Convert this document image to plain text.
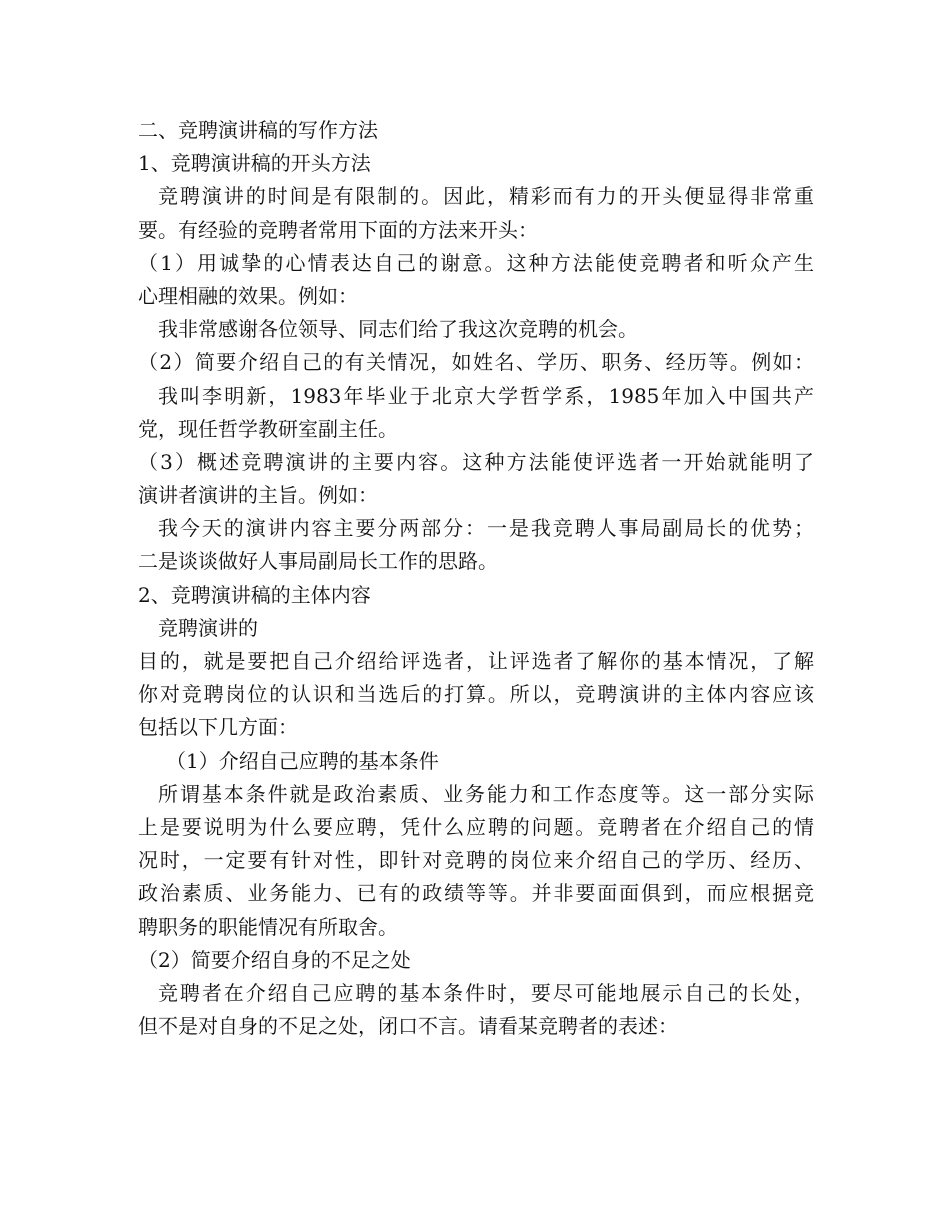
二、竞聘演讲稿的写作方法
1、竞聘演讲稿的开头方法
竞聘演讲的时间是有限制的。因此，精彩而有力的开头便显得非常重
要。有经验的竞聘者常用下面的方法来开头：
（1）用诚挚的心情表达自己的谢意。这种方法能使竞聘者和听众产生
心理相融的效果。例如：
我非常感谢各位领导、同志们给了我这次竞聘的机会。
（2）简要介绍自己的有关情况，如姓名、学历、职务、经历等。例如：
我叫李明新，1983年毕业于北京大学哲学系，1985年加入中国共产
党，现任哲学教研室副主任。
（3）概述竞聘演讲的主要内容。这种方法能使评选者一开始就能明了
演讲者演讲的主旨。例如：
我今天的演讲内容主要分两部分：一是我竞聘人事局副局长的优势；
二是谈谈做好人事局副局长工作的思路。
2、竞聘演讲稿的主体内容
竞聘演讲的
目的，就是要把自己介绍给评选者，让评选者了解你的基本情况，了解
你对竞聘岗位的认识和当选后的打算。所以，竞聘演讲的主体内容应该
包括以下几方面：
（1）介绍自己应聘的基本条件
所谓基本条件就是政治素质、业务能力和工作态度等。这一部分实际
上是要说明为什么要应聘，凭什么应聘的问题。竞聘者在介绍自己的情
况时，一定要有针对性，即针对竞聘的岗位来介绍自己的学历、经历、
政治素质、业务能力、已有的政绩等等。并非要面面俱到，而应根据竞
聘职务的职能情况有所取舍。
（2）简要介绍自身的不足之处
竞聘者在介绍自己应聘的基本条件时，要尽可能地展示自己的长处，
但不是对自身的不足之处，闭口不言。请看某竞聘者的表述：
